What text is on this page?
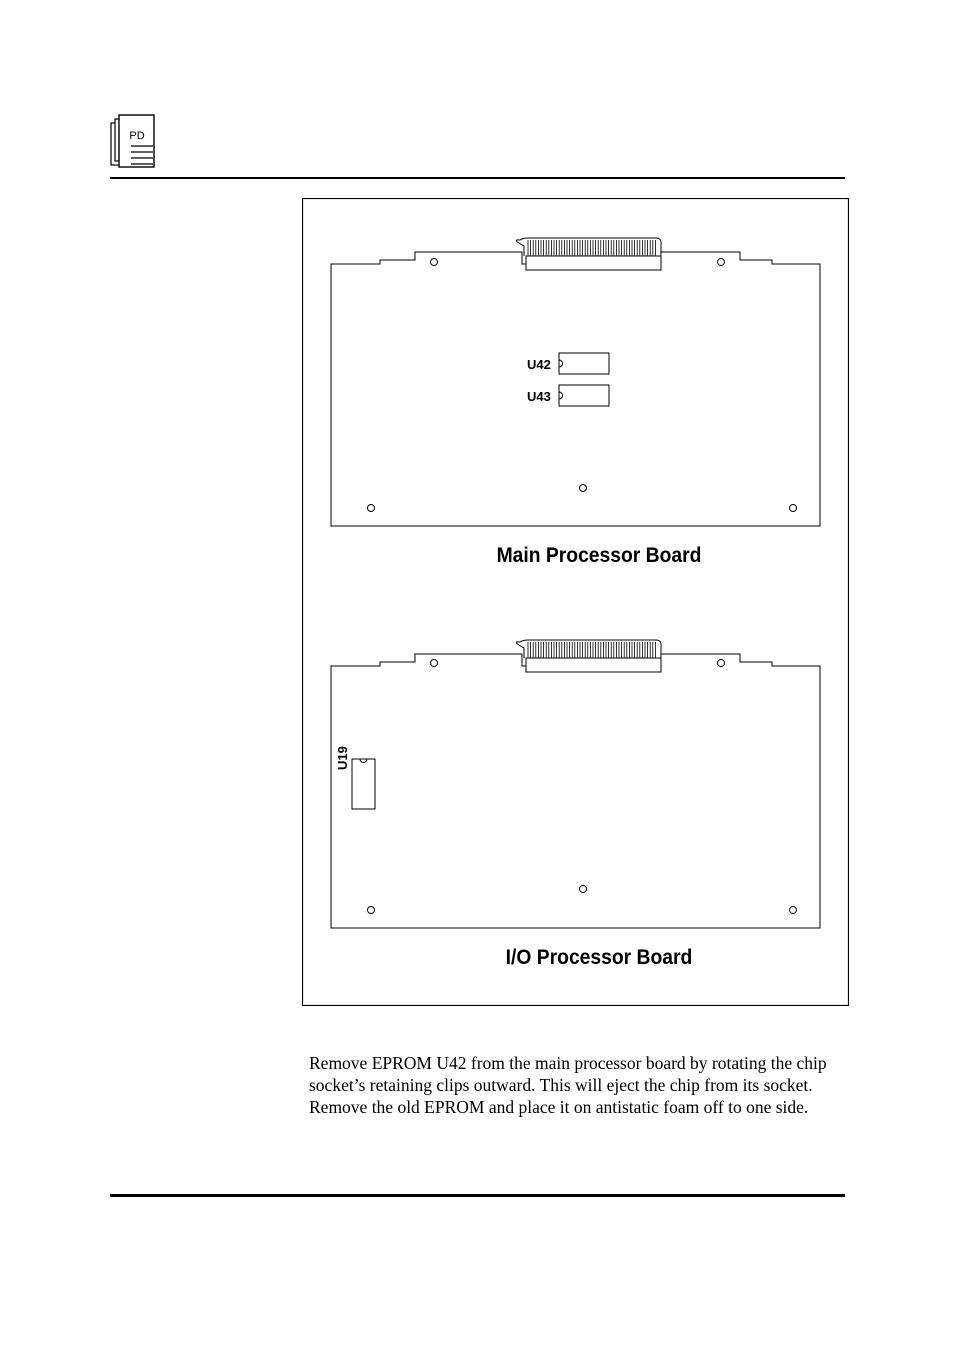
PD
U42
U43
Main Processor Board
U19
I/O Processor Board

Remove EPROM U42 from the main processor board by rotating the chip socket’s retaining clips outward. This will eject the chip from its socket. Remove the old EPROM and place it on antistatic foam off to one side.
